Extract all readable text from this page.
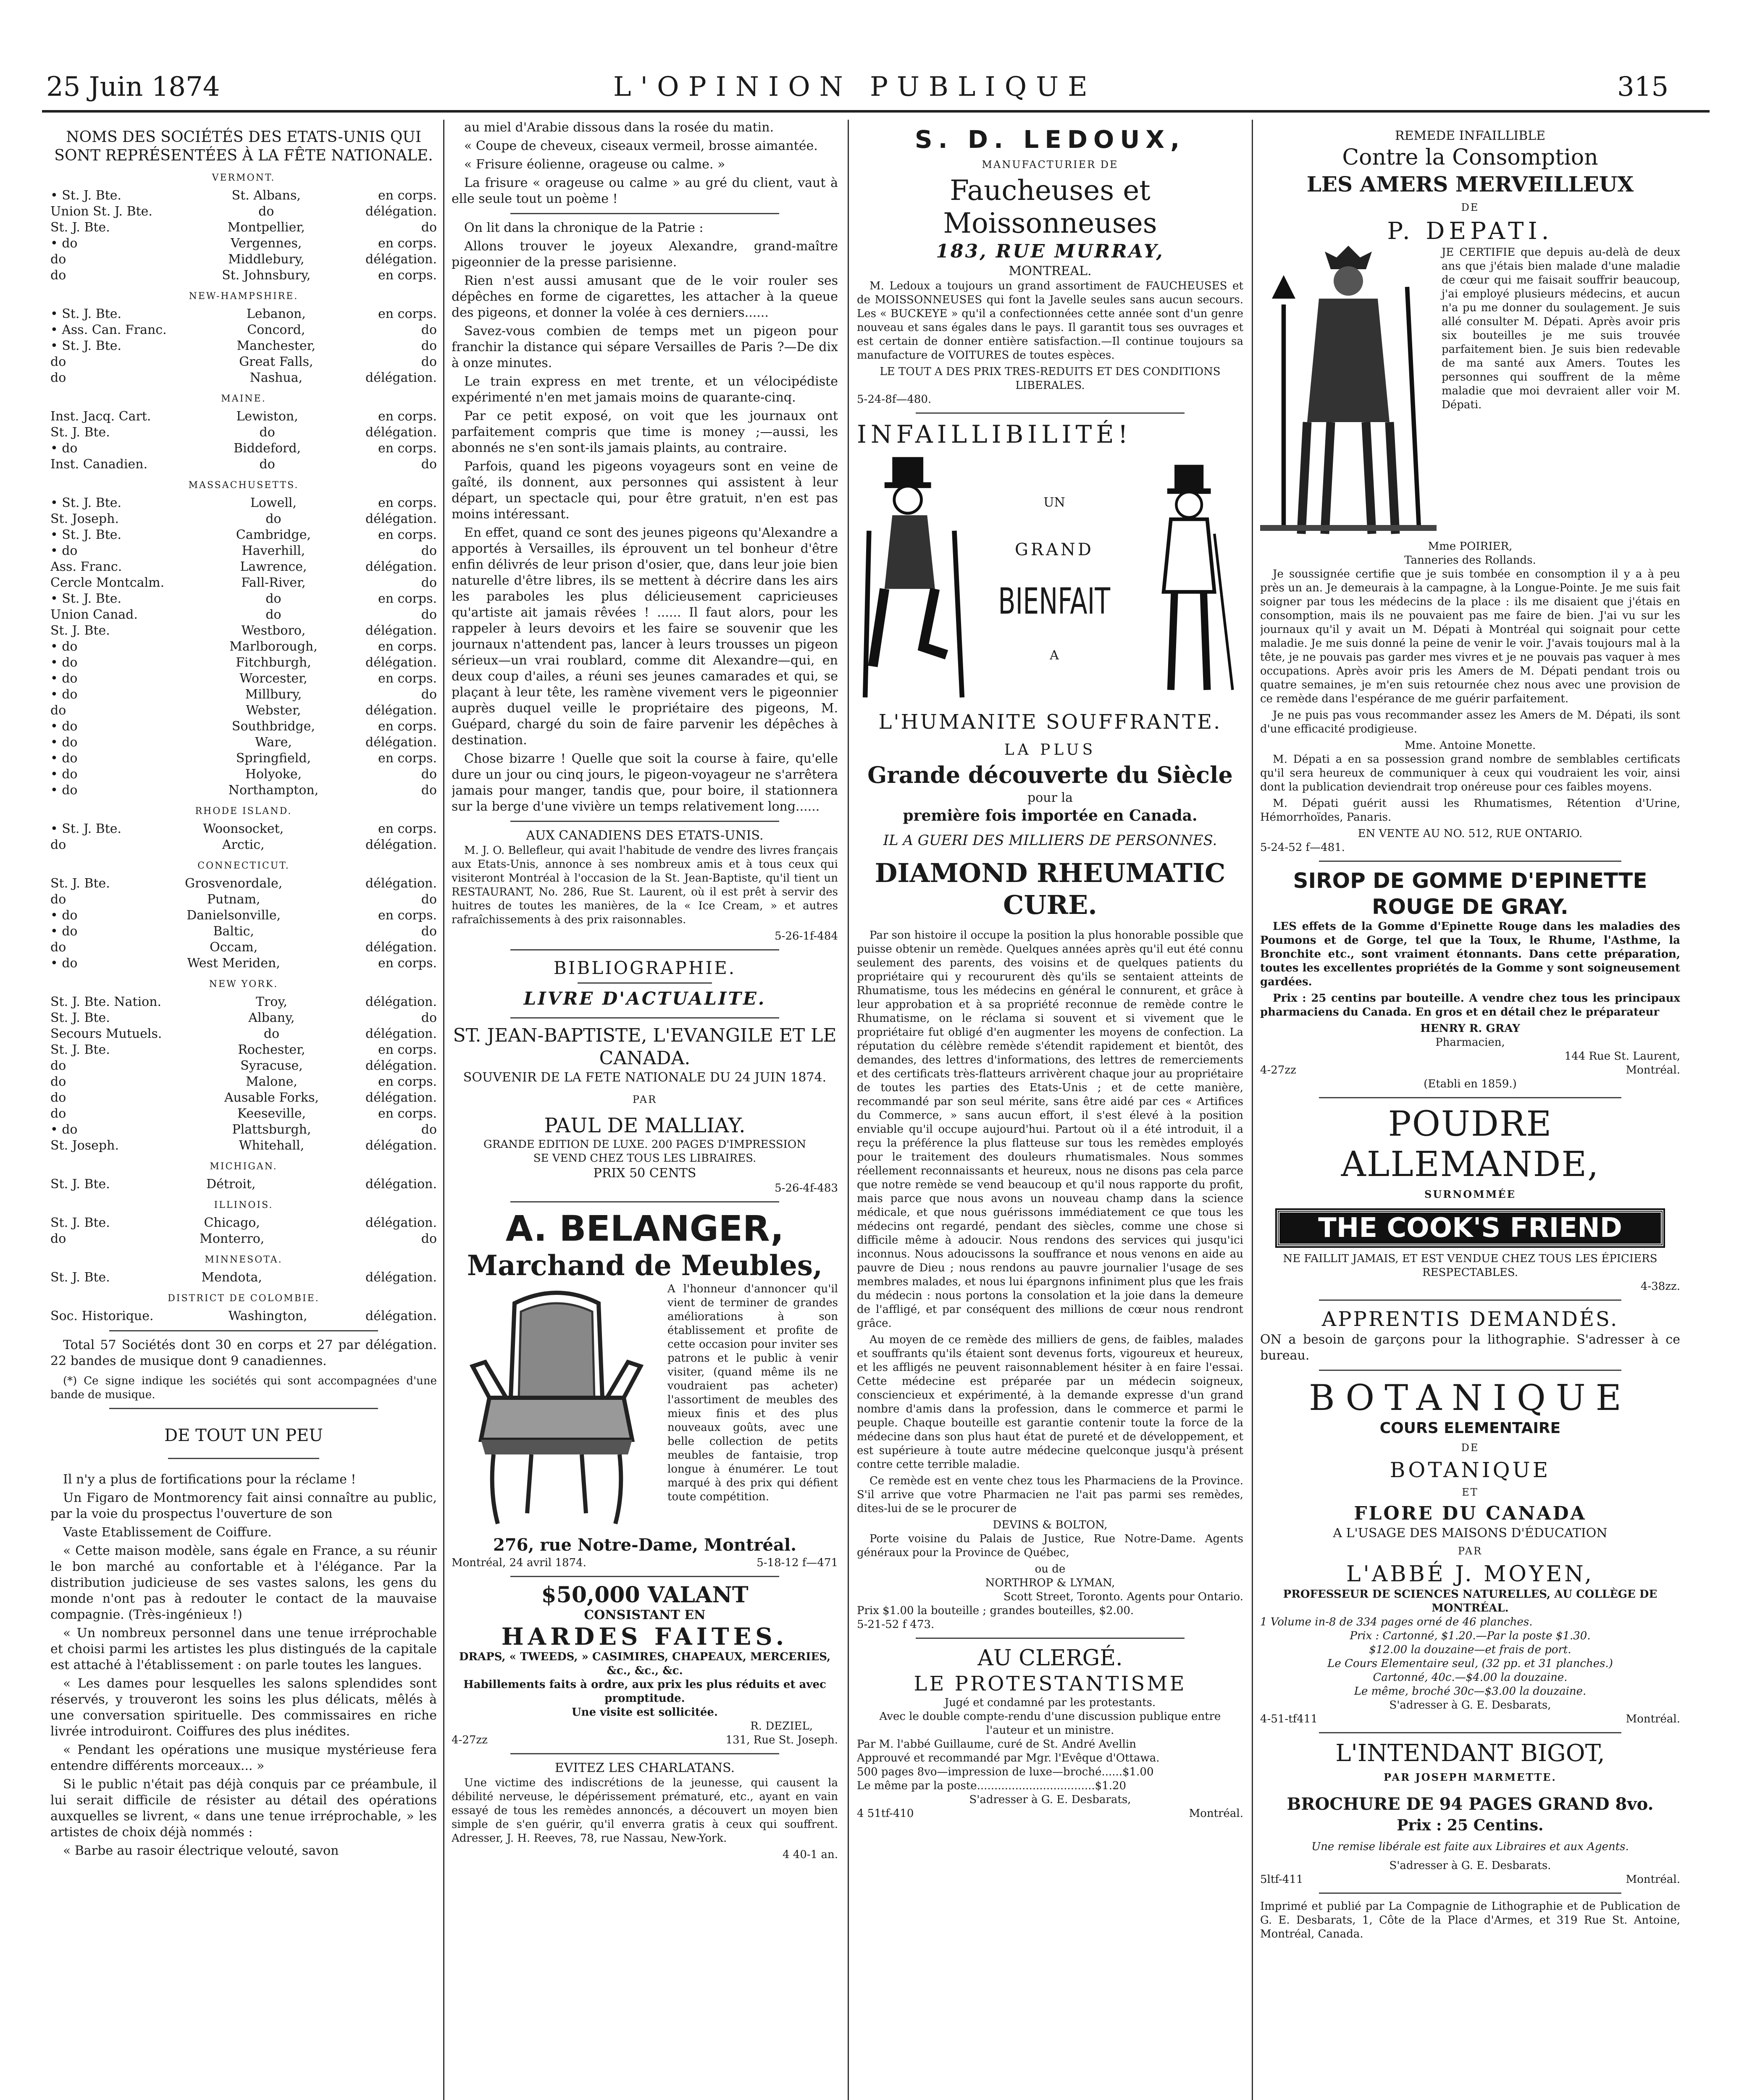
25 Juin 1874	L'OPINION PUBLIQUE	315
NOMS DES SOCIÉTÉS DES ETATS-UNIS QUI SONT REPRÉSENTÉES À LA FÊTE NATIONALE.
VERMONT.
• St. J. Bte.	St. Albans,	en corps.
Union St. J. Bte.	do	délégation.
St. J. Bte.	Montpellier,	do
• do	Vergennes,	en corps.
do	Middlebury,	délégation.
do	St. Johnsbury,	en corps.
NEW-HAMPSHIRE.
• St. J. Bte.	Lebanon,	en corps.
• Ass. Can. Franc.	Concord,	do
• St. J. Bte.	Manchester,	do
do	Great Falls,	do
do	Nashua,	délégation.
MAINE.
Inst. Jacq. Cart.	Lewiston,	en corps.
St. J. Bte.	do	délégation.
• do	Biddeford,	en corps.
Inst. Canadien.	do	do
MASSACHUSETTS.
• St. J. Bte.	Lowell,	en corps.
St. Joseph.	do	délégation.
• St. J. Bte.	Cambridge,	en corps.
• do	Haverhill,	do
Ass. Franc.	Lawrence,	délégation.
Cercle Montcalm.	Fall-River,	do
• St. J. Bte.	do	en corps.
Union Canad.	do	do
St. J. Bte.	Westboro,	délégation.
• do	Marlborough,	en corps.
• do	Fitchburgh,	délégation.
• do	Worcester,	en corps.
• do	Millbury,	do
do	Webster,	délégation.
• do	Southbridge,	en corps.
• do	Ware,	délégation.
• do	Springfield,	en corps.
• do	Holyoke,	do
• do	Northampton,	do
RHODE ISLAND.
• St. J. Bte.	Woonsocket,	en corps.
do	Arctic,	délégation.
CONNECTICUT.
St. J. Bte.	Grosvenordale,	délégation.
do	Putnam,	do
• do	Danielsonville,	en corps.
• do	Baltic,	do
do	Occam,	délégation.
• do	West Meriden,	en corps.
NEW YORK.
St. J. Bte. Nation.	Troy,	délégation.
St. J. Bte.	Albany,	do
Secours Mutuels.	do	délégation.
St. J. Bte.	Rochester,	en corps.
do	Syracuse,	délégation.
do	Malone,	en corps.
do	Ausable Forks,	délégation.
do	Keeseville,	en corps.
• do	Plattsburgh,	do
St. Joseph.	Whitehall,	délégation.
MICHIGAN.
St. J. Bte.	Détroit,	délégation.
ILLINOIS.
St. J. Bte.	Chicago,	délégation.
do	Monterro,	do
MINNESOTA.
St. J. Bte.	Mendota,	délégation.
DISTRICT DE COLOMBIE.
Soc. Historique.	Washington,	délégation.
Total 57 Sociétés dont 30 en corps et 27 par délégation. 22 bandes de musique dont 9 canadiennes.
(*) Ce signe indique les sociétés qui sont accompagnées d'une bande de musique.
DE TOUT UN PEU
Il n'y a plus de fortifications pour la réclame !
Un Figaro de Montmorency fait ainsi connaître au public, par la voie du prospectus l'ouverture de son
Vaste Etablissement de Coiffure.
« Cette maison modèle, sans égale en France, a su réunir le bon marché au confortable et à l'élégance. Par la distribution judicieuse de ses vastes salons, les gens du monde n'ont pas à redouter le contact de la mauvaise compagnie. (Très-ingénieux !)
« Un nombreux personnel dans une tenue irréprochable et choisi parmi les artistes les plus distingués de la capitale est attaché à l'établissement : on parle toutes les langues.
« Les dames pour lesquelles les salons splendides sont réservés, y trouveront les soins les plus délicats, mêlés à une conversation spirituelle. Des commissaires en riche livrée introduiront. Coiffures des plus inédites.
« Pendant les opérations une musique mystérieuse fera entendre différents morceaux... »
Si le public n'était pas déjà conquis par ce préambule, il lui serait difficile de résister au détail des opérations auxquelles se livrent, « dans une tenue irréprochable, » les artistes de choix déjà nommés :
« Barbe au rasoir électrique velouté, savon
au miel d'Arabie dissous dans la rosée du matin.
« Coupe de cheveux, ciseaux vermeil, brosse aimantée.
« Frisure éolienne, orageuse ou calme. »
La frisure « orageuse ou calme » au gré du client, vaut à elle seule tout un poème !
On lit dans la chronique de la Patrie :
Allons trouver le joyeux Alexandre, grand-maître pigeonnier de la presse parisienne.
Rien n'est aussi amusant que de le voir rouler ses dépêches en forme de cigarettes, les attacher à la queue des pigeons, et donner la volée à ces derniers......
Savez-vous combien de temps met un pigeon pour franchir la distance qui sépare Versailles de Paris ?—De dix à onze minutes.
Le train express en met trente, et un vélocipédiste expérimenté n'en met jamais moins de quarante-cinq.
Par ce petit exposé, on voit que les journaux ont parfaitement compris que time is money ;—aussi, les abonnés ne s'en sont-ils jamais plaints, au contraire.
Parfois, quand les pigeons voyageurs sont en veine de gaîté, ils donnent, aux personnes qui assistent à leur départ, un spectacle qui, pour être gratuit, n'en est pas moins intéressant.
En effet, quand ce sont des jeunes pigeons qu'Alexandre a apportés à Versailles, ils éprouvent un tel bonheur d'être enfin délivrés de leur prison d'osier, que, dans leur joie bien naturelle d'être libres, ils se mettent à décrire dans les airs les paraboles les plus délicieusement capricieuses qu'artiste ait jamais rêvées ! ...... Il faut alors, pour les rappeler à leurs devoirs et les faire se souvenir que les journaux n'attendent pas, lancer à leurs trousses un pigeon sérieux—un vrai roublard, comme dit Alexandre—qui, en deux coup d'ailes, a réuni ses jeunes camarades et qui, se plaçant à leur tête, les ramène vivement vers le pigeonnier auprès duquel veille le propriétaire des pigeons, M. Guépard, chargé du soin de faire parvenir les dépêches à destination.
Chose bizarre ! Quelle que soit la course à faire, qu'elle dure un jour ou cinq jours, le pigeon-voyageur ne s'arrêtera jamais pour manger, tandis que, pour boire, il stationnera sur la berge d'une vivière un temps relativement long......
AUX CANADIENS DES ETATS-UNIS.
M. J. O. Bellefleur, qui avait l'habitude de vendre des livres français aux Etats-Unis, annonce à ses nombreux amis et à tous ceux qui visiteront Montréal à l'occasion de la St. Jean-Baptiste, qu'il tient un RESTAURANT, No. 286, Rue St. Laurent, où il est prêt à servir des huitres de toutes les manières, de la « Ice Cream, » et autres rafraîchissements à des prix raisonnables.
5-26-1f-484
BIBLIOGRAPHIE.
LIVRE D'ACTUALITE.
ST. JEAN-BAPTISTE, L'EVANGILE ET LE CANADA.
SOUVENIR DE LA FETE NATIONALE DU 24 JUIN 1874.
PAR
PAUL DE MALLIAY.
GRANDE EDITION DE LUXE. 200 PAGES D'IMPRESSION
SE VEND CHEZ TOUS LES LIBRAIRES.
PRIX 50 CENTS
5-26-4f-483
A. BELANGER,
Marchand de Meubles,
A l'honneur d'annoncer qu'il vient de terminer de grandes améliorations à son établissement et profite de cette occasion pour inviter ses patrons et le public à venir visiter, (quand même ils ne voudraient pas acheter) l'assortiment de meubles des mieux finis et des plus nouveaux goûts, avec une belle collection de petits meubles de fantaisie, trop longue à énumérer. Le tout marqué à des prix qui défient toute compétition.
276, rue Notre-Dame, Montréal.
Montréal, 24 avril 1874.	5-18-12 f—471
$50,000 VALANT
CONSISTANT EN
HARDES FAITES.
DRAPS, « TWEEDS, » CASIMIRES, CHAPEAUX, MERCERIES, &c., &c., &c.
Habillements faits à ordre, aux prix les plus réduits et avec promptitude.
Une visite est sollicitée.
R. DEZIEL,
4-27zz	131, Rue St. Joseph.
EVITEZ LES CHARLATANS.
Une victime des indiscrétions de la jeunesse, qui causent la débilité nerveuse, le dépérissement prématuré, etc., ayant en vain essayé de tous les remèdes annoncés, a découvert un moyen bien simple de s'en guérir, qu'il enverra gratis à ceux qui souffrent. Adresser, J. H. Reeves, 78, rue Nassau, New-York.
4 40-1 an.
S. D. LEDOUX,
MANUFACTURIER DE
Faucheuses et Moissonneuses
183, RUE MURRAY,
MONTREAL.
M. Ledoux a toujours un grand assortiment de FAUCHEUSES et de MOISSONNEUSES qui font la Javelle seules sans aucun secours. Les « BUCKEYE » qu'il a confectionnées cette année sont d'un genre nouveau et sans égales dans le pays. Il garantit tous ses ouvrages et est certain de donner entière satisfaction.—Il continue toujours sa manufacture de VOITURES de toutes espèces.
LE TOUT A DES PRIX TRES-REDUITS ET DES CONDITIONS LIBERALES.
5-24-8f—480.
INFAILLIBILITÉ!
UN
GRAND
BIENFAIT
A
L'HUMANITE SOUFFRANTE.
LA PLUS
Grande découverte du Siècle
pour la
première fois importée en Canada.
IL A GUERI DES MILLIERS DE PERSONNES.
DIAMOND RHEUMATIC CURE.
Par son histoire il occupe la position la plus honorable possible que puisse obtenir un remède. Quelques années après qu'il eut été connu seulement des parents, des voisins et de quelques patients du propriétaire qui y recoururent dès qu'ils se sentaient atteints de Rhumatisme, tous les médecins en général le connurent, et grâce à leur approbation et à sa propriété reconnue de remède contre le Rhumatisme, on le réclama si souvent et si vivement que le propriétaire fut obligé d'en augmenter les moyens de confection. La réputation du célèbre remède s'étendit rapidement et bientôt, des demandes, des lettres d'informations, des lettres de remerciements et des certificats très-flatteurs arrivèrent chaque jour au propriétaire de toutes les parties des Etats-Unis ; et de cette manière, recommandé par son seul mérite, sans être aidé par ces « Artifices du Commerce, » sans aucun effort, il s'est élevé à la position enviable qu'il occupe aujourd'hui. Partout où il a été introduit, il a reçu la préférence la plus flatteuse sur tous les remèdes employés pour le traitement des douleurs rhumatismales. Nous sommes réellement reconnaissants et heureux, nous ne disons pas cela parce que notre remède se vend beaucoup et qu'il nous rapporte du profit, mais parce que nous avons un nouveau champ dans la science médicale, et que nous guérissons immédiatement ce que tous les médecins ont regardé, pendant des siècles, comme une chose si difficile même à adoucir. Nous rendons des services qui jusqu'ici inconnus. Nous adoucissons la souffrance et nous venons en aide au pauvre de Dieu ; nous rendons au pauvre journalier l'usage de ses membres malades, et nous lui épargnons infiniment plus que les frais du médecin : nous portons la consolation et la joie dans la demeure de l'affligé, et par conséquent des millions de cœur nous rendront grâce.
Au moyen de ce remède des milliers de gens, de faibles, malades et souffrants qu'ils étaient sont devenus forts, vigoureux et heureux, et les affligés ne peuvent raisonnablement hésiter à en faire l'essai. Cette médecine est préparée par un médecin soigneux, consciencieux et expérimenté, à la demande expresse d'un grand nombre d'amis dans la profession, dans le commerce et parmi le peuple. Chaque bouteille est garantie contenir toute la force de la médecine dans son plus haut état de pureté et de développement, et est supérieure à toute autre médecine quelconque jusqu'à présent contre cette terrible maladie.
Ce remède est en vente chez tous les Pharmaciens de la Province. S'il arrive que votre Pharmacien ne l'ait pas parmi ses remèdes, dites-lui de se le procurer de
DEVINS & BOLTON,
Porte voisine du Palais de Justice, Rue Notre-Dame. Agents généraux pour la Province de Québec,
ou de
NORTHROP & LYMAN,
Scott Street, Toronto. Agents pour Ontario.
Prix $1.00 la bouteille ; grandes bouteilles, $2.00.
5-21-52 f 473.
AU CLERGÉ.
LE PROTESTANTISME
Jugé et condamné par les protestants.
Avec le double compte-rendu d'une discussion publique entre l'auteur et un ministre.
Par M. l'abbé Guillaume, curé de St. André Avellin
Approuvé et recommandé par Mgr. l'Evêque d'Ottawa.
500 pages 8vo—impression de luxe—broché......$1.00
Le même par la poste..................................$1.20
S'adresser à G. E. Desbarats,
4 51tf-410	Montréal.
REMEDE INFAILLIBLE
Contre la Consomption
LES AMERS MERVEILLEUX
DE
P. DEPATI.
JE CERTIFIE que depuis au-delà de deux ans que j'étais bien malade d'une maladie de cœur qui me faisait souffrir beaucoup, j'ai employé plusieurs médecins, et aucun n'a pu me donner du soulagement. Je suis allé consulter M. Dépati. Après avoir pris six bouteilles je me suis trouvée parfaitement bien. Je suis bien redevable de ma santé aux Amers. Toutes les personnes qui souffrent de la même maladie que moi devraient aller voir M. Dépati.
Mme POIRIER,
Tanneries des Rollands.
Je soussignée certifie que je suis tombée en consomption il y a à peu près un an. Je demeurais à la campagne, à la Longue-Pointe. Je me suis fait soigner par tous les médecins de la place : ils me disaient que j'étais en consomption, mais ils ne pouvaient pas me faire de bien. J'ai vu sur les journaux qu'il y avait un M. Dépati à Montréal qui soignait pour cette maladie. Je me suis donné la peine de venir le voir. J'avais toujours mal à la tête, je ne pouvais pas garder mes vivres et je ne pouvais pas vaquer à mes occupations. Après avoir pris les Amers de M. Dépati pendant trois ou quatre semaines, je m'en suis retournée chez nous avec une provision de ce remède dans l'espérance de me guérir parfaitement.
Je ne puis pas vous recommander assez les Amers de M. Dépati, ils sont d'une efficacité prodigieuse.
Mme. Antoine Monette.
M. Dépati a en sa possession grand nombre de semblables certificats qu'il sera heureux de communiquer à ceux qui voudraient les voir, ainsi dont la publication deviendrait trop onéreuse pour ces faibles moyens.
M. Dépati guérit aussi les Rhumatismes, Rétention d'Urine, Hémorrhoïdes, Panaris.
EN VENTE AU NO. 512, RUE ONTARIO.
5-24-52 f—481.
SIROP DE GOMME D'EPINETTE
ROUGE DE GRAY.
LES effets de la Gomme d'Epinette Rouge dans les maladies des Poumons et de Gorge, tel que la Toux, le Rhume, l'Asthme, la Bronchite etc., sont vraiment étonnants. Dans cette préparation, toutes les excellentes propriétés de la Gomme y sont soigneusement gardées.
Prix : 25 centins par bouteille. A vendre chez tous les principaux pharmaciens du Canada. En gros et en détail chez le préparateur
HENRY R. GRAY
Pharmacien,
144 Rue St. Laurent,
4-27zz	Montréal.
(Etabli en 1859.)
POUDRE ALLEMANDE,
SURNOMMÉE
THE COOK'S FRIEND
NE FAILLIT JAMAIS, ET EST VENDUE CHEZ TOUS LES ÉPICIERS RESPECTABLES.
4-38zz.
APPRENTIS DEMANDÉS.
ON a besoin de garçons pour la lithographie. S'adresser à ce bureau.
BOTANIQUE
COURS ELEMENTAIRE
DE
BOTANIQUE
ET
FLORE DU CANADA
A L'USAGE DES MAISONS D'ÉDUCATION
PAR
L'ABBÉ J. MOYEN,
PROFESSEUR DE SCIENCES NATURELLES, AU COLLÈGE DE MONTRÉAL.
1 Volume in-8 de 334 pages orné de 46 planches.
Prix : Cartonné, $1.20.—Par la poste $1.30.
$12.00 la douzaine—et frais de port.
Le Cours Elementaire seul, (32 pp. et 31 planches.)
Cartonné, 40c.—$4.00 la douzaine.
Le même, broché 30c—$3.00 la douzaine.
S'adresser à G. E. Desbarats,
4-51-tf411	Montréal.
L'INTENDANT BIGOT,
PAR JOSEPH MARMETTE.
BROCHURE DE 94 PAGES GRAND 8vo.
Prix : 25 Centins.
Une remise libérale est faite aux Libraires et aux Agents.
S'adresser à G. E. Desbarats.
5ltf-411	Montréal.
Imprimé et publié par La Compagnie de Lithographie et de Publication de G. E. Desbarats, 1, Côte de la Place d'Armes, et 319 Rue St. Antoine, Montréal, Canada.
